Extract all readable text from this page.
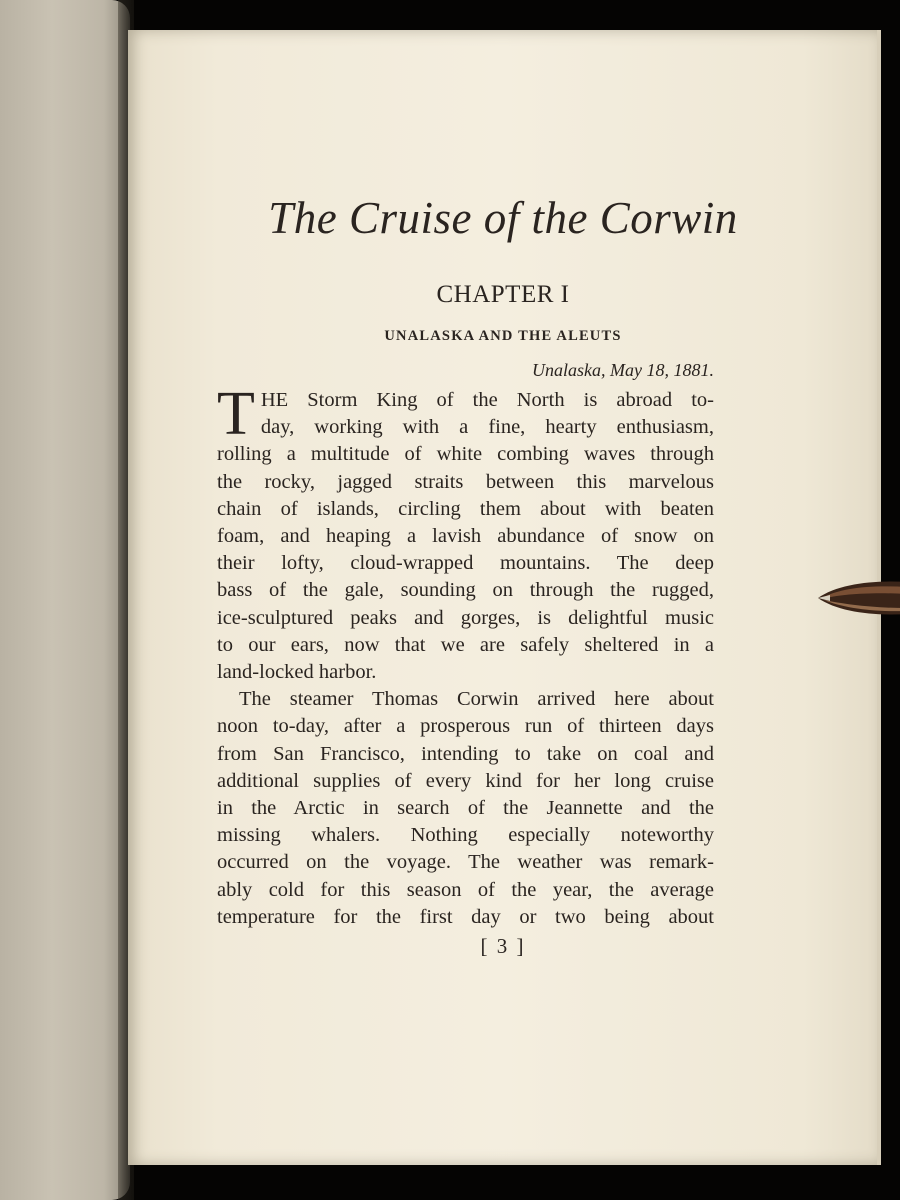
The Cruise of the Corwin
CHAPTER I
UNALASKA AND THE ALEUTS
Unalaska, May 18, 1881.

T HE Storm King of the North is abroad to-
day, working with a fine, hearty enthusiasm,
rolling a multitude of white combing waves through
the rocky, jagged straits between this marvelous
chain of islands, circling them about with beaten
foam, and heaping a lavish abundance of snow on
their lofty, cloud-wrapped mountains. The deep
bass of the gale, sounding on through the rugged,
ice-sculptured peaks and gorges, is delightful music
to our ears, now that we are safely sheltered in a
land-locked harbor.

The steamer Thomas Corwin arrived here about
noon to-day, after a prosperous run of thirteen days
from San Francisco, intending to take on coal and
additional supplies of every kind for her long cruise
in the Arctic in search of the Jeannette and the
missing whalers. Nothing especially noteworthy
occurred on the voyage. The weather was remark-
ably cold for this season of the year, the average
temperature for the first day or two being about

[ 3 ]
